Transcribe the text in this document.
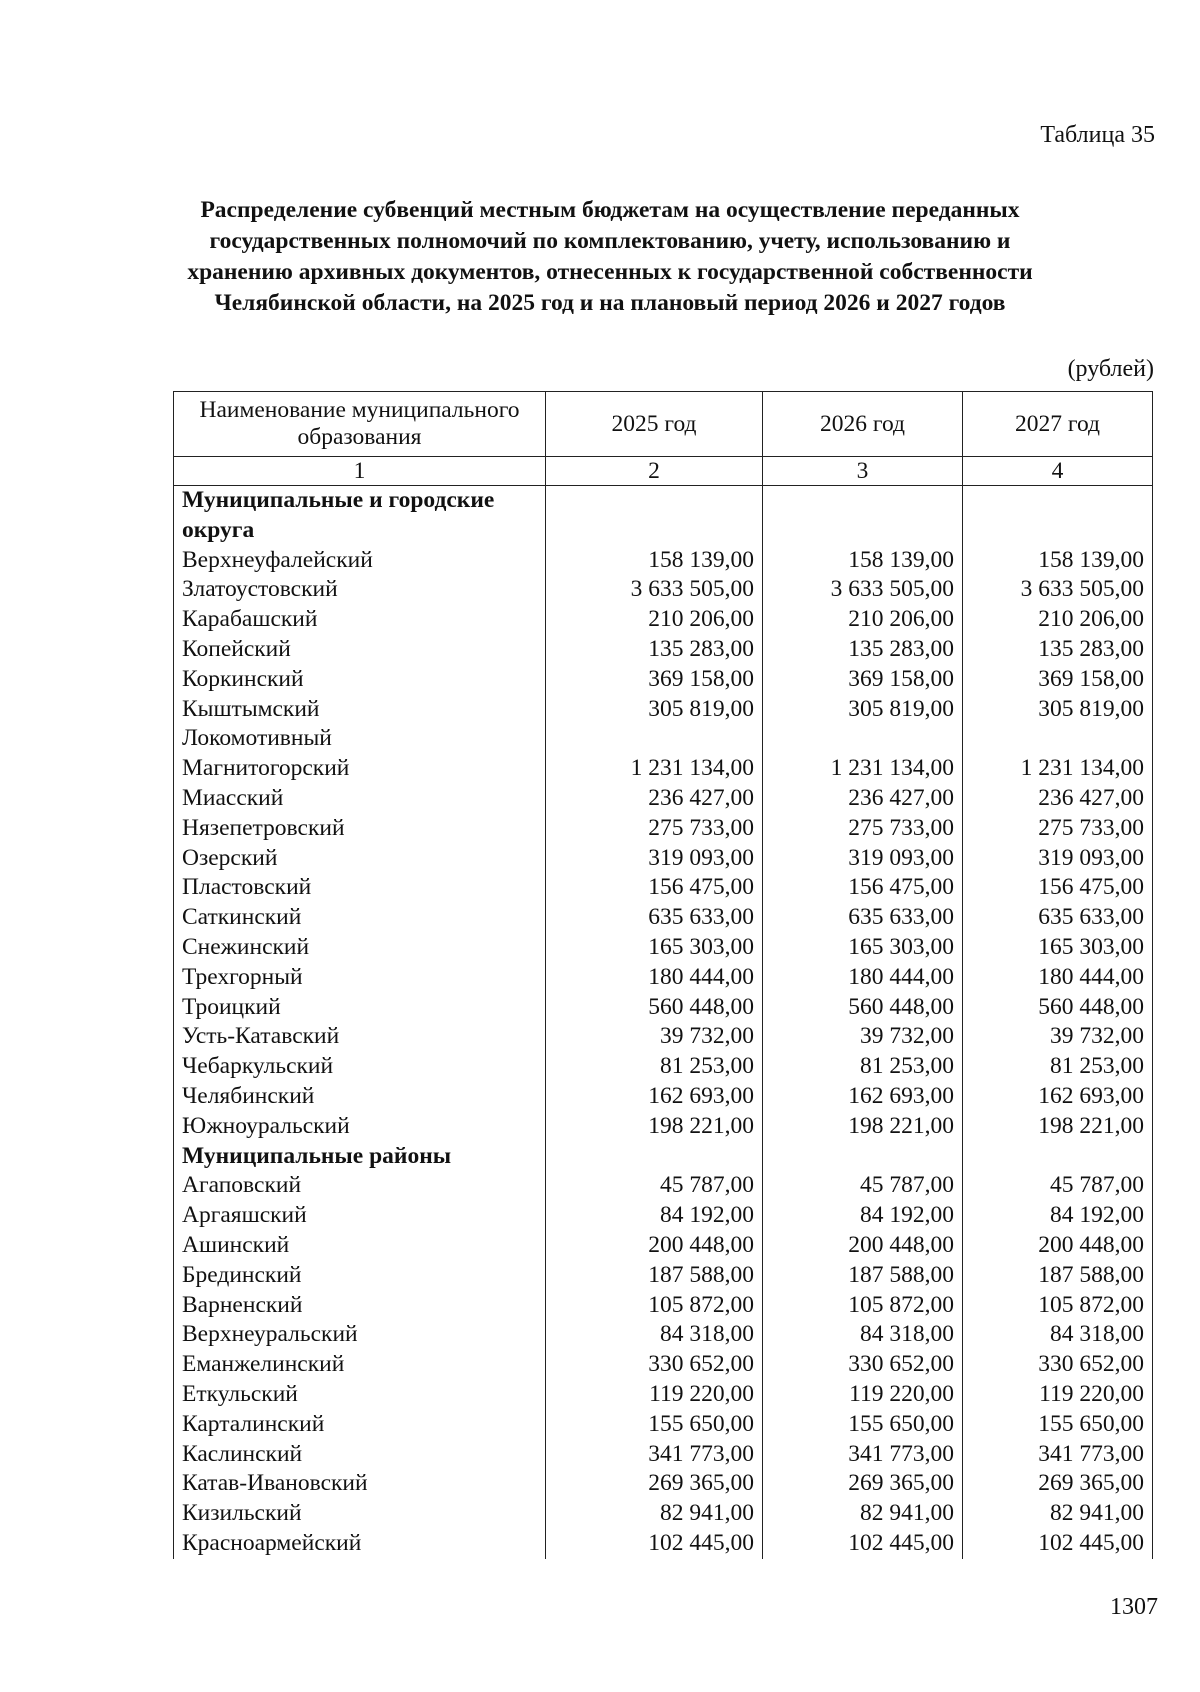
Таблица 35
Распределение субвенций местным бюджетам на осуществление переданных
государственных полномочий по комплектованию, учету, использованию и
хранению архивных документов, отнесенных к государственной собственности
Челябинской области, на 2025 год и на плановый период 2026 и 2027 годов
(рублей)
Наименование муниципального образования	2025 год	2026 год	2027 год
1	2	3	4
Муниципальные и городские округа			
Верхнеуфалейский	158 139,00	158 139,00	158 139,00
Златоустовский	3 633 505,00	3 633 505,00	3 633 505,00
Карабашский	210 206,00	210 206,00	210 206,00
Копейский	135 283,00	135 283,00	135 283,00
Коркинский	369 158,00	369 158,00	369 158,00
Кыштымский	305 819,00	305 819,00	305 819,00
Локомотивный			
Магнитогорский	1 231 134,00	1 231 134,00	1 231 134,00
Миасский	236 427,00	236 427,00	236 427,00
Нязепетровский	275 733,00	275 733,00	275 733,00
Озерский	319 093,00	319 093,00	319 093,00
Пластовский	156 475,00	156 475,00	156 475,00
Саткинский	635 633,00	635 633,00	635 633,00
Снежинский	165 303,00	165 303,00	165 303,00
Трехгорный	180 444,00	180 444,00	180 444,00
Троицкий	560 448,00	560 448,00	560 448,00
Усть-Катавский	39 732,00	39 732,00	39 732,00
Чебаркульский	81 253,00	81 253,00	81 253,00
Челябинский	162 693,00	162 693,00	162 693,00
Южноуральский	198 221,00	198 221,00	198 221,00
Муниципальные районы			
Агаповский	45 787,00	45 787,00	45 787,00
Аргаяшский	84 192,00	84 192,00	84 192,00
Ашинский	200 448,00	200 448,00	200 448,00
Брединский	187 588,00	187 588,00	187 588,00
Варненский	105 872,00	105 872,00	105 872,00
Верхнеуральский	84 318,00	84 318,00	84 318,00
Еманжелинский	330 652,00	330 652,00	330 652,00
Еткульский	119 220,00	119 220,00	119 220,00
Карталинский	155 650,00	155 650,00	155 650,00
Каслинский	341 773,00	341 773,00	341 773,00
Катав-Ивановский	269 365,00	269 365,00	269 365,00
Кизильский	82 941,00	82 941,00	82 941,00
Красноармейский	102 445,00	102 445,00	102 445,00
1307
